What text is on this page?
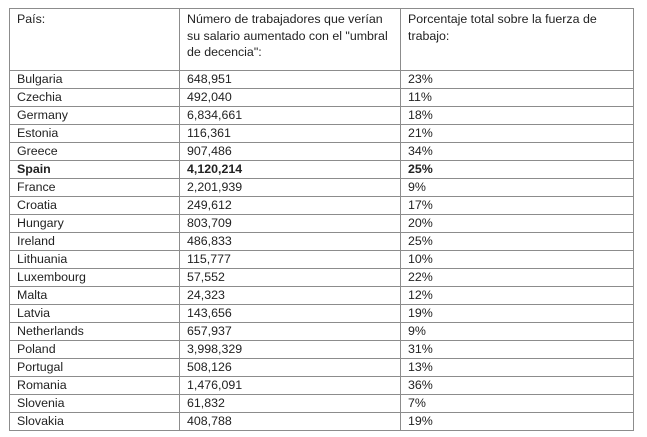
País:	Número de trabajadores que verían su salario aumentado con el "umbral de decencia":	Porcentaje total sobre la fuerza de trabajo:
Bulgaria	648,951	23%
Czechia	492,040	11%
Germany	6,834,661	18%
Estonia	116,361	21%
Greece	907,486	34%
Spain	4,120,214	25%
France	2,201,939	9%
Croatia	249,612	17%
Hungary	803,709	20%
Ireland	486,833	25%
Lithuania	115,777	10%
Luxembourg	57,552	22%
Malta	24,323	12%
Latvia	143,656	19%
Netherlands	657,937	9%
Poland	3,998,329	31%
Portugal	508,126	13%
Romania	1,476,091	36%
Slovenia	61,832	7%
Slovakia	408,788	19%
